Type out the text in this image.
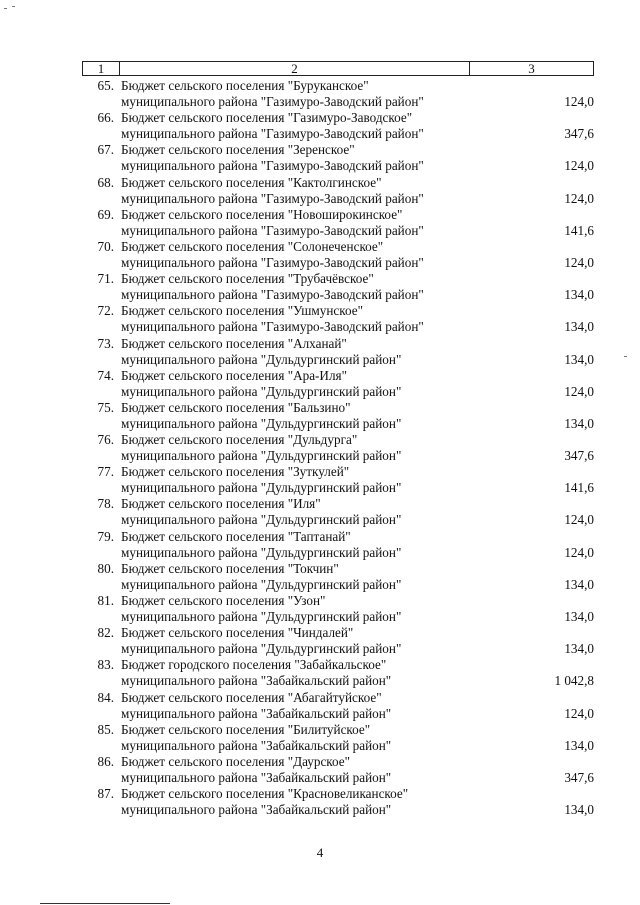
1	2	3
65. Бюджет сельского поселения "Буруканское"
муниципального района "Газимуро-Заводский район"	124,0
66. Бюджет сельского поселения "Газимуро-Заводское"
муниципального района "Газимуро-Заводский район"	347,6
67. Бюджет сельского поселения "Зеренское"
муниципального района "Газимуро-Заводский район"	124,0
68. Бюджет сельского поселения "Кактолгинское"
муниципального района "Газимуро-Заводский район"	124,0
69. Бюджет сельского поселения "Новоширокинское"
муниципального района "Газимуро-Заводский район"	141,6
70. Бюджет сельского поселения "Солонеченское"
муниципального района "Газимуро-Заводский район"	124,0
71. Бюджет сельского поселения "Трубачёвское"
муниципального района "Газимуро-Заводский район"	134,0
72. Бюджет сельского поселения "Ушмунское"
муниципального района "Газимуро-Заводский район"	134,0
73. Бюджет сельского поселения "Алханай"
муниципального района "Дульдургинский район"	134,0
74. Бюджет сельского поселения "Ара-Иля"
муниципального района "Дульдургинский район"	124,0
75. Бюджет сельского поселения "Бальзино"
муниципального района "Дульдургинский район"	134,0
76. Бюджет сельского поселения "Дульдурга"
муниципального района "Дульдургинский район"	347,6
77. Бюджет сельского поселения "Зуткулей"
муниципального района "Дульдургинский район"	141,6
78. Бюджет сельского поселения "Иля"
муниципального района "Дульдургинский район"	124,0
79. Бюджет сельского поселения "Таптанай"
муниципального района "Дульдургинский район"	124,0
80. Бюджет сельского поселения "Токчин"
муниципального района "Дульдургинский район"	134,0
81. Бюджет сельского поселения "Узон"
муниципального района "Дульдургинский район"	134,0
82. Бюджет сельского поселения "Чиндалей"
муниципального района "Дульдургинский район"	134,0
83. Бюджет городского поселения "Забайкальское"
муниципального района "Забайкальский район"	1 042,8
84. Бюджет сельского поселения "Абагайтуйское"
муниципального района "Забайкальский район"	124,0
85. Бюджет сельского поселения "Билитуйское"
муниципального района "Забайкальский район"	134,0
86. Бюджет сельского поселения "Даурское"
муниципального района "Забайкальский район"	347,6
87. Бюджет сельского поселения "Красновеликанское"
муниципального района "Забайкальский район"	134,0
4
